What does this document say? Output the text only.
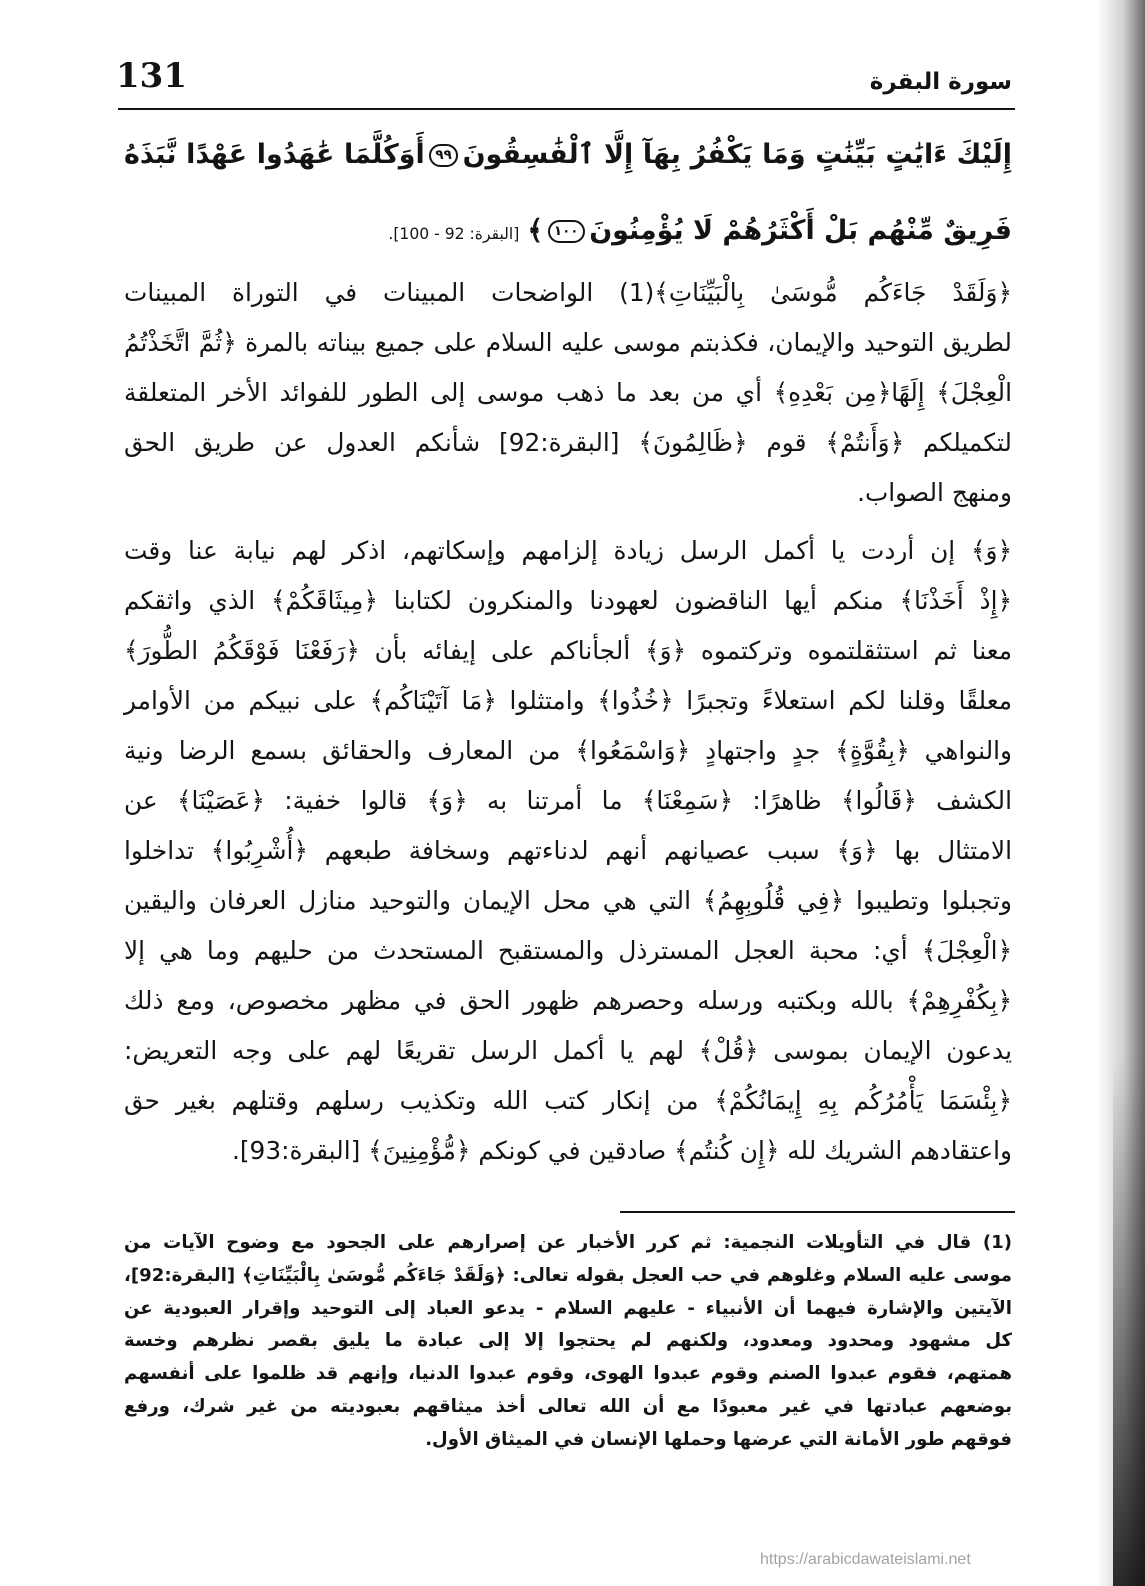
131	سورة البقرة
إِلَيْكَ ءَايَٰتٍ بَيِّنَٰتٍ وَمَا يَكْفُرُ بِهَآ إِلَّا ٱلْفَٰسِقُونَ٩٩أَوَكُلَّمَا عَٰهَدُوا عَهْدًا نَّبَذَهُ
فَرِيقٌ مِّنْهُم بَلْ أَكْثَرُهُمْ لَا يُؤْمِنُونَ١٠٠﴾[البقرة: 92 - 100].
﴿وَلَقَدْ جَاءَكُم مُّوسَىٰ بِالْبَيِّنَاتِ﴾(1) الواضحات المبينات في التوراة المبينات
لطريق التوحيد والإيمان، فكذبتم موسى عليه السلام على جميع بيناته بالمرة ﴿ثُمَّ اتَّخَذْتُمُ
الْعِجْلَ﴾ إِلَهًا﴿مِن بَعْدِهِ﴾ أي من بعد ما ذهب موسى إلى الطور للفوائد الأخر المتعلقة
لتكميلكم ﴿وَأَنتُمْ﴾ قوم ﴿ظَالِمُونَ﴾ [البقرة:92] شأنكم العدول عن طريق الحق
ومنهج الصواب.
﴿وَ﴾ إن أردت يا أكمل الرسل زيادة إلزامهم وإسكاتهم، اذكر لهم نيابة عنا وقت
﴿إِذْ أَخَذْنَا﴾ منكم أيها الناقضون لعهودنا والمنكرون لكتابنا ﴿مِيثَاقَكُمْ﴾ الذي واثقكم
معنا ثم استثقلتموه وتركتموه ﴿وَ﴾ ألجأناكم على إيفائه بأن ﴿رَفَعْنَا فَوْقَكُمُ الطُّورَ﴾
معلقًا وقلنا لكم استعلاءً وتجبرًا ﴿خُذُوا﴾ وامتثلوا ﴿مَا آتَيْنَاكُم﴾ على نبيكم من الأوامر
والنواهي ﴿بِقُوَّةٍ﴾ جدٍ واجتهادٍ ﴿وَاسْمَعُوا﴾ من المعارف والحقائق بسمع الرضا ونية
الكشف ﴿قَالُوا﴾ ظاهرًا: ﴿سَمِعْنَا﴾ ما أمرتنا به ﴿وَ﴾ قالوا خفية: ﴿عَصَيْنَا﴾ عن
الامتثال بها ﴿وَ﴾ سبب عصيانهم أنهم لدناءتهم وسخافة طبعهم ﴿أُشْرِبُوا﴾ تداخلوا
وتجبلوا وتطيبوا ﴿فِي قُلُوبِهِمُ﴾ التي هي محل الإيمان والتوحيد منازل العرفان واليقين
﴿الْعِجْلَ﴾ أي: محبة العجل المسترذل والمستقبح المستحدث من حليهم وما هي إلا
﴿بِكُفْرِهِمْ﴾ بالله وبكتبه ورسله وحصرهم ظهور الحق في مظهر مخصوص، ومع ذلك
يدعون الإيمان بموسى ﴿قُلْ﴾ لهم يا أكمل الرسل تقريعًا لهم على وجه التعريض:
﴿بِئْسَمَا يَأْمُرُكُم بِهِ إِيمَانُكُمْ﴾ من إنكار كتب الله وتكذيب رسلهم وقتلهم بغير حق
واعتقادهم الشريك لله ﴿إِن كُنتُم﴾ صادقين في كونكم ﴿مُّؤْمِنِينَ﴾ [البقرة:93].
(1) قال في التأويلات النجمية: ثم كرر الأخبار عن إصرارهم على الجحود مع وضوح الآيات من
موسى عليه السلام وغلوهم في حب العجل بقوله تعالى: ﴿وَلَقَدْ جَاءَكُم مُّوسَىٰ بِالْبَيِّنَاتِ﴾ [البقرة:92]،
الآيتين والإشارة فيهما أن الأنبياء - عليهم السلام - يدعو العباد إلى التوحيد وإقرار العبودية عن
كل مشهود ومحدود ومعدود، ولكنهم لم يحتجوا إلا إلى عبادة ما يليق بقصر نظرهم وخسة
همتهم، فقوم عبدوا الصنم وقوم عبدوا الهوى، وقوم عبدوا الدنيا، وإنهم قد ظلموا على أنفسهم
بوضعهم عبادتها في غير معبودًا مع أن الله تعالى أخذ ميثاقهم بعبوديته من غير شرك، ورفع
فوقهم طور الأمانة التي عرضها وحملها الإنسان في الميثاق الأول.
https://arabicdawateislami.net
